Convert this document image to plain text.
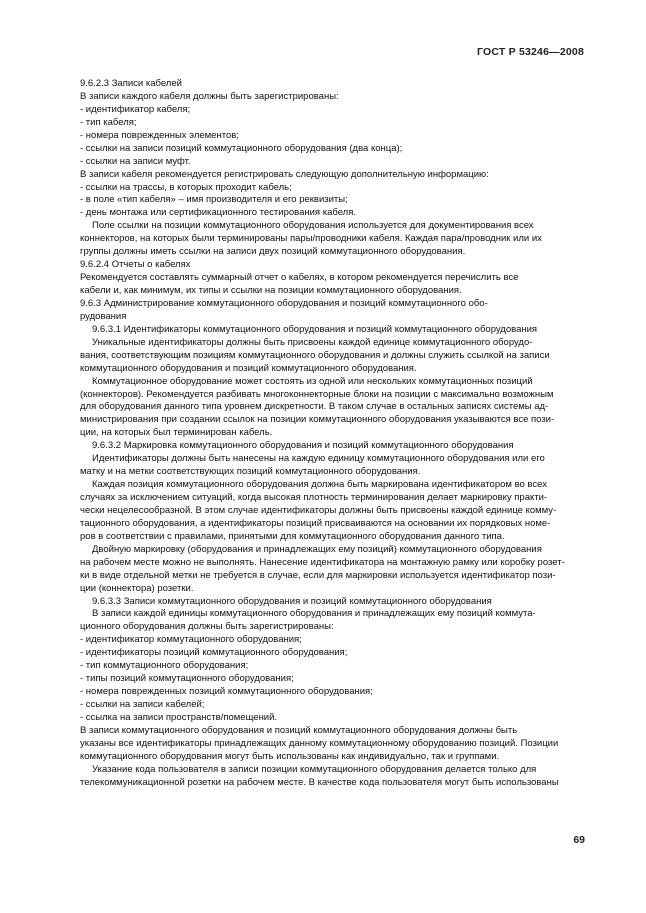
ГОСТ Р 53246—2008
9.6.2.3 Записи кабелей
В записи каждого кабеля должны быть зарегистрированы:
- идентификатор кабеля;
- тип кабеля;
- номера поврежденных элементов;
- ссылки на записи позиций коммутационного оборудования (два конца);
- ссылки на записи муфт.
В записи кабеля рекомендуется регистрировать следующую дополнительную информацию:
- ссылки на трассы, в которых проходит кабель;
- в поле «тип кабеля» – имя производителя и его реквизиты;
- день монтажа или сертификационного тестирования кабеля.
Поле ссылки на позиции коммутационного оборудования используется для документирования всех
коннекторов, на которых были терминированы пары/проводники кабеля. Каждая пара/проводник или их
группы должны иметь ссылки на записи двух позиций коммутационного оборудования.
9.6.2.4 Отчеты о кабелях
Рекомендуется составлять суммарный отчет о кабелях, в котором рекомендуется перечислить все
кабели и, как минимум, их типы и ссылки на позиции коммутационного оборудования.
9.6.3 Администрирование коммутационного оборудования и позиций коммутационного обо-
рудования
9.6.3.1 Идентификаторы коммутационного оборудования и позиций коммутационного оборудования
Уникальные идентификаторы должны быть присвоены каждой единице коммутационного оборудо-
вания, соответствующим позициям коммутационного оборудования и должны служить ссылкой на записи
коммутационного оборудования и позиций коммутационного оборудования.
Коммутационное оборудование может состоять из одной или нескольких коммутационных позиций
(коннекторов). Рекомендуется разбивать многоконнекторные блоки на позиции с максимально возможным
для оборудования данного типа уровнем дискретности. В таком случае в остальных записях системы ад-
министрирования при создании ссылок на позиции коммутационного оборудования указываются все пози-
ции, на которых был терминирован кабель.
9.6.3.2 Маркировка коммутационного оборудования и позиций коммутационного оборудования
Идентификаторы должны быть нанесены на каждую единицу коммутационного оборудования или его
матку и на метки соответствующих позиций коммутационного оборудования.
Каждая позиция коммутационного оборудования должна быть маркирована идентификатором во всех
случаях за исключением ситуаций, когда высокая плотность терминирования делает маркировку практи-
чески нецелесообразной. В этом случае идентификаторы должны быть присвоены каждой единице комму-
тационного оборудования, а идентификаторы позиций присваиваются на основании их порядковых номе-
ров в соответствии с правилами, принятыми для коммутационного оборудования данного типа.
Двойную маркировку (оборудования и принадлежащих ему позиций) коммутационного оборудования
на рабочем месте можно не выполнять. Нанесение идентификатора на монтажную рамку или коробку розет-
ки в виде отдельной метки не требуется в случае, если для маркировки используется идентификатор пози-
ции (коннектора) розетки.
9.6.3.3 Записи коммутационного оборудования и позиций коммутационного оборудования
В записи каждой единицы коммутационного оборудования и принадлежащих ему позиций коммута-
ционного оборудования должны быть зарегистрированы:
- идентификатор коммутационного оборудования;
- идентификаторы позиций коммутационного оборудования;
- тип коммутационного оборудования;
- типы позиций коммутационного оборудования;
- номера поврежденных позиций коммутационного оборудования;
- ссылки на записи кабелей;
- ссылка на записи пространств/помещений.
В записи коммутационного оборудования и позиций коммутационного оборудования должны быть
указаны все идентификаторы принадлежащих данному коммутационному оборудованию позиций. Позиции
коммутационного оборудования могут быть использованы как индивидуально, так и группами.
Указание кода пользователя в записи позиции коммутационного оборудования делается только для
телекоммуникационной розетки на рабочем месте. В качестве кода пользователя могут быть использованы
69
